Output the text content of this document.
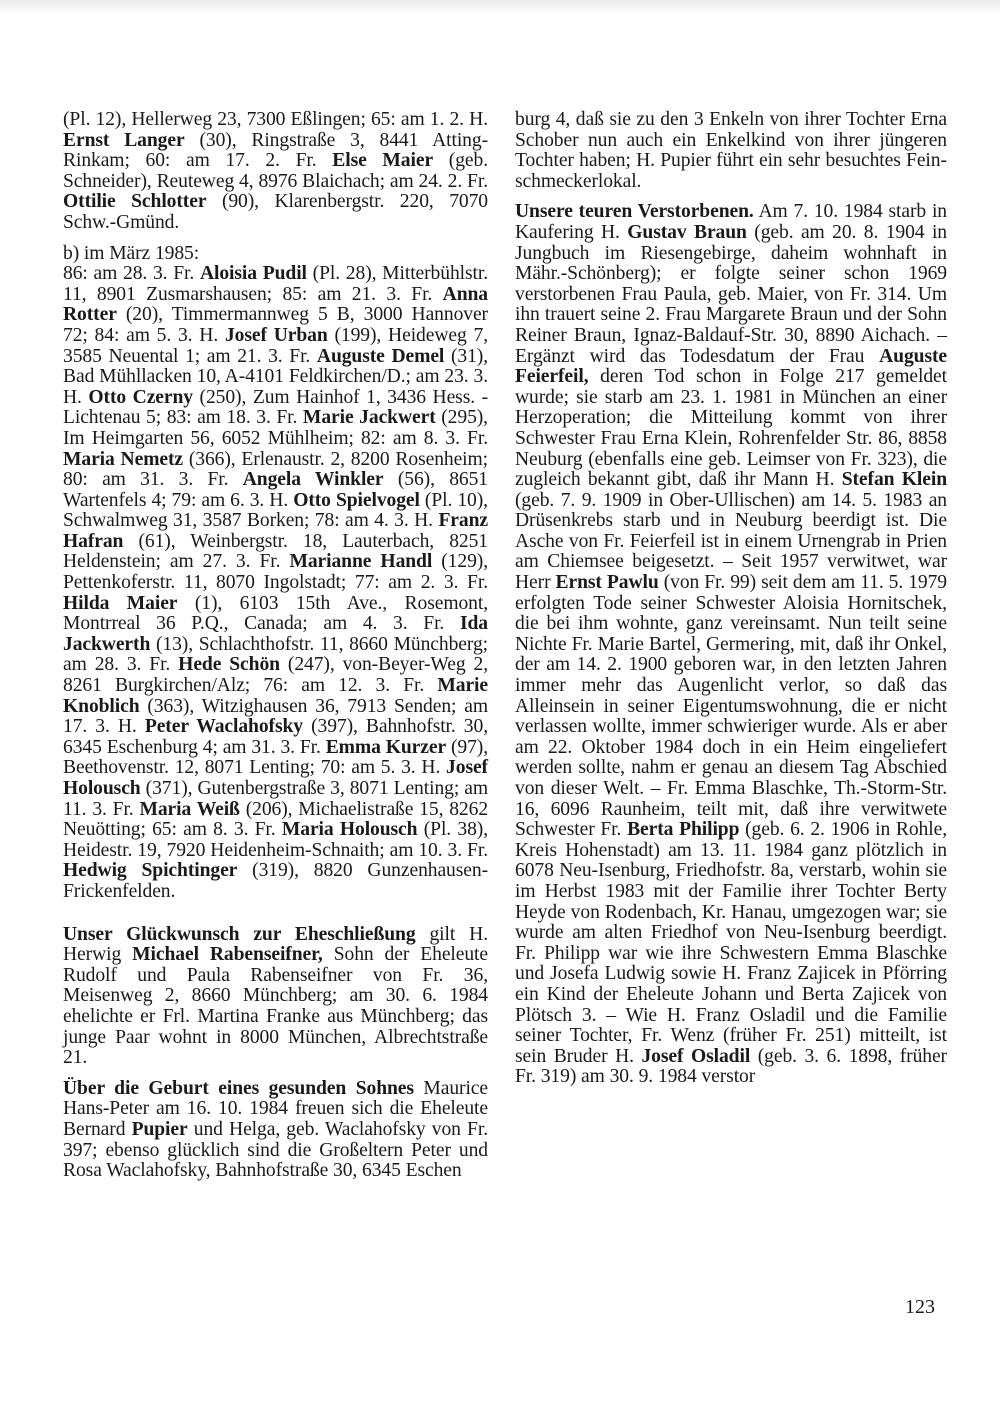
(Pl. 12), Hellerweg 23, 7300 Eßlingen; 65: am 1. 2. H. Ernst Langer (30), Ringstraße 3, 8441 Atting-Rinkam; 60: am 17. 2. Fr. Else Maier (geb. Schneider), Reuteweg 4, 8976 Blaichach; am 24. 2. Fr. Ottilie Schlotter (90), Klarenbergstr. 220, 7070 Schw.-Gmünd.

b) im März 1985:

86: am 28. 3. Fr. Aloisia Pudil (Pl. 28), Mitterbühlstr. 11, 8901 Zusmarshausen; 85: am 21. 3. Fr. Anna Rotter (20), Timmermannweg 5 B, 3000 Hannover 72; 84: am 5. 3. H. Josef Urban (199), Heideweg 7, 3585 Neuental 1; am 21. 3. Fr. Auguste Demel (31), Bad Mühllacken 10, A-4101 Feldkirchen/D.; am 23. 3. H. Otto Czerny (250), Zum Hainhof 1, 3436 Hess. -Lichtenau 5; 83: am 18. 3. Fr. Marie Jackwert (295), Im Heimgarten 56, 6052 Mühlheim; 82: am 8. 3. Fr. Maria Nemetz (366), Erlenaustr. 2, 8200 Rosenheim; 80: am 31. 3. Fr. Angela Winkler (56), 8651 Wartenfels 4; 79: am 6. 3. H. Otto Spielvogel (Pl. 10), Schwalmweg 31, 3587 Borken; 78: am 4. 3. H. Franz Hafran (61), Weinbergstr. 18, Lauterbach, 8251 Heldenstein; am 27. 3. Fr. Marianne Handl (129), Pettenkoferstr. 11, 8070 Ingolstadt; 77: am 2. 3. Fr. Hilda Maier (1), 6103 15th Ave., Rosemont, Montrreal 36 P.Q., Canada; am 4. 3. Fr. Ida Jackwerth (13), Schlachthofstr. 11, 8660 Münchberg; am 28. 3. Fr. Hede Schön (247), von-Beyer-Weg 2, 8261 Burgkirchen/Alz; 76: am 12. 3. Fr. Marie Knoblich (363), Witzighausen 36, 7913 Senden; am 17. 3. H. Peter Waclahofsky (397), Bahnhofstr. 30, 6345 Eschenburg 4; am 31. 3. Fr. Emma Kurzer (97), Beethovenstr. 12, 8071 Lenting; 70: am 5. 3. H. Josef Holousch (371), Gutenbergstraße 3, 8071 Lenting; am 11. 3. Fr. Maria Weiß (206), Michaelistraße 15, 8262 Neuötting; 65: am 8. 3. Fr. Maria Holousch (Pl. 38), Heidestr. 19, 7920 Heidenheim-Schnaith; am 10. 3. Fr. Hedwig Spichtinger (319), 8820 Gunzenhausen-Frickenfelden.

Unser Glückwunsch zur Eheschließung gilt H. Herwig Michael Rabenseifner, Sohn der Eheleute Rudolf und Paula Rabenseifner von Fr. 36, Meisenweg 2, 8660 Münchberg; am 30. 6. 1984 ehelichte er Frl. Martina Franke aus Münchberg; das junge Paar wohnt in 8000 München, Albrechtstraße 21.

Über die Geburt eines gesunden Sohnes Maurice Hans-Peter am 16. 10. 1984 freuen sich die Eheleute Bernard Pupier und Helga, geb. Waclahofsky von Fr. 397; ebenso glücklich sind die Großeltern Peter und Rosa Waclahofsky, Bahnhofstraße 30, 6345 Eschen

burg 4, daß sie zu den 3 Enkeln von ihrer Tochter Erna Schober nun auch ein Enkelkind von ihrer jüngeren Tochter haben; H. Pupier führt ein sehr besuchtes Feinschmeckerlokal.

Unsere teuren Verstorbenen. Am 7. 10. 1984 starb in Kaufering H. Gustav Braun (geb. am 20. 8. 1904 in Jungbuch im Riesengebirge, daheim wohnhaft in Mähr.-Schönberg); er folgte seiner schon 1969 verstorbenen Frau Paula, geb. Maier, von Fr. 314. Um ihn trauert seine 2. Frau Margarete Braun und der Sohn Reiner Braun, Ignaz-Baldauf-Str. 30, 8890 Aichach. – Ergänzt wird das Todesdatum der Frau Auguste Feierfeil, deren Tod schon in Folge 217 gemeldet wurde; sie starb am 23. 1. 1981 in München an einer Herzoperation; die Mitteilung kommt von ihrer Schwester Frau Erna Klein, Rohrenfelder Str. 86, 8858 Neuburg (ebenfalls eine geb. Leimser von Fr. 323), die zugleich bekannt gibt, daß ihr Mann H. Stefan Klein (geb. 7. 9. 1909 in Ober-Ullischen) am 14. 5. 1983 an Drüsenkrebs starb und in Neuburg beerdigt ist. Die Asche von Fr. Feierfeil ist in einem Urnengrab in Prien am Chiemsee beigesetzt. – Seit 1957 verwitwet, war Herr Ernst Pawlu (von Fr. 99) seit dem am 11. 5. 1979 erfolgten Tode seiner Schwester Aloisia Hornitschek, die bei ihm wohnte, ganz vereinsamt. Nun teilt seine Nichte Fr. Marie Bartel, Germering, mit, daß ihr Onkel, der am 14. 2. 1900 geboren war, in den letzten Jahren immer mehr das Augenlicht verlor, so daß das Alleinsein in seiner Eigentumswohnung, die er nicht verlassen wollte, immer schwieriger wurde. Als er aber am 22. Oktober 1984 doch in ein Heim eingeliefert werden sollte, nahm er genau an diesem Tag Abschied von dieser Welt. – Fr. Emma Blaschke, Th.-Storm-Str. 16, 6096 Raunheim, teilt mit, daß ihre verwitwete Schwester Fr. Berta Philipp (geb. 6. 2. 1906 in Rohle, Kreis Hohenstadt) am 13. 11. 1984 ganz plötzlich in 6078 Neu-Isenburg, Friedhofstr. 8a, verstarb, wohin sie im Herbst 1983 mit der Familie ihrer Tochter Berty Heyde von Rodenbach, Kr. Hanau, umgezogen war; sie wurde am alten Friedhof von Neu-Isenburg beerdigt. Fr. Philipp war wie ihre Schwestern Emma Blaschke und Josefa Ludwig sowie H. Franz Zajicek in Pförring ein Kind der Eheleute Johann und Berta Zajicek von Plötsch 3. – Wie H. Franz Osladil und die Familie seiner Tochter, Fr. Wenz (früher Fr. 251) mitteilt, ist sein Bruder H. Josef Osladil (geb. 3. 6. 1898, früher Fr. 319) am 30. 9. 1984 verstor

123
